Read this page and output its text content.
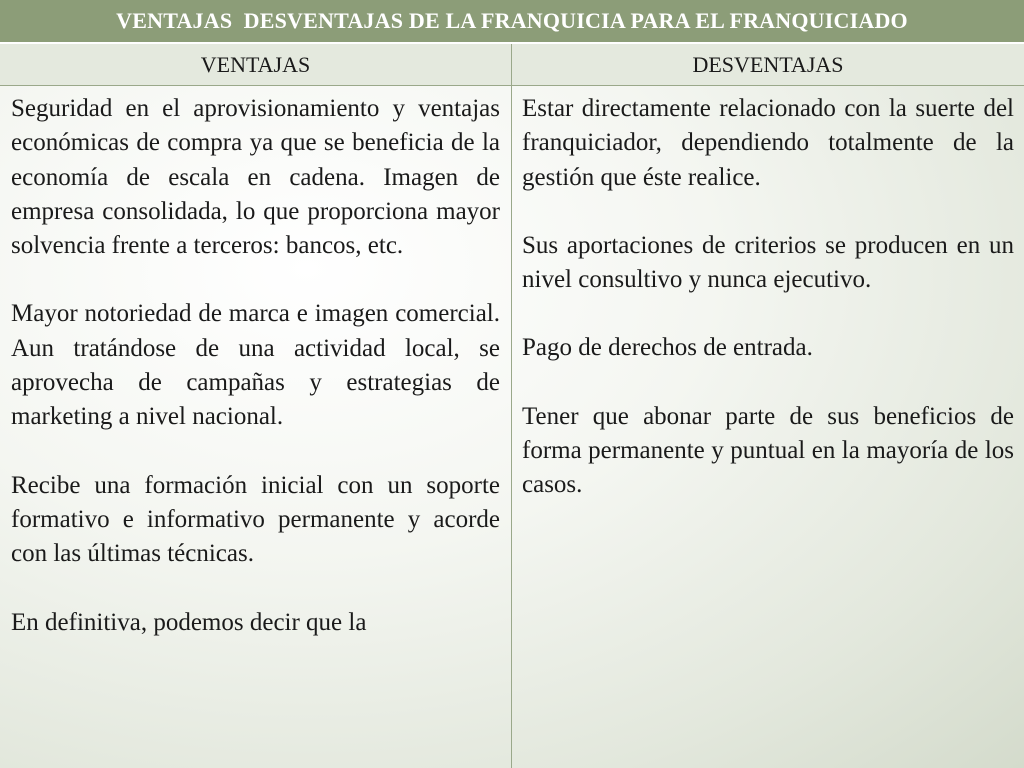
VENTAJAS  DESVENTAJAS DE LA FRANQUICIA PARA EL FRANQUICIADO
VENTAJAS	DESVENTAJAS

Seguridad en el aprovisionamiento y ventajas económicas de compra ya que se beneficia de la economía de escala en cadena. Imagen de empresa consolidada, lo que proporciona mayor solvencia frente a terceros: bancos, etc.

Mayor notoriedad de marca e imagen comercial. Aun tratándose de una actividad local, se aprovecha de campañas y estrategias de marketing a nivel nacional.

Recibe una formación inicial con un soporte formativo e informativo permanente y acorde con las últimas técnicas.

En definitiva, podemos decir que la

Estar directamente relacionado con la suerte del franquiciador, dependiendo totalmente de la gestión que éste realice.

Sus aportaciones de criterios se producen en un nivel consultivo y nunca ejecutivo.

Pago de derechos de entrada.

Tener que abonar parte de sus beneficios de forma permanente y puntual en la mayoría de los casos.
